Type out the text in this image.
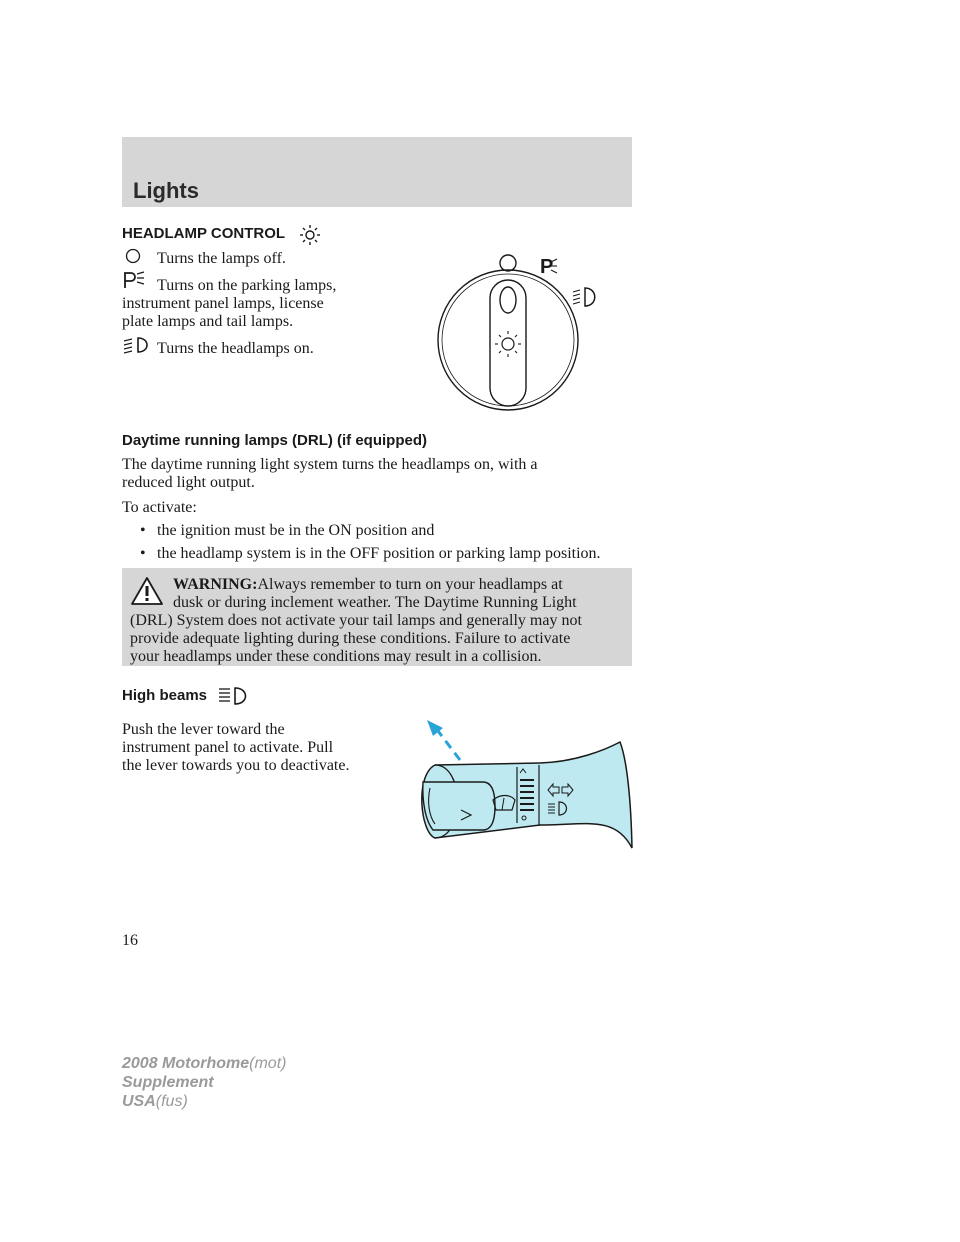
Lights
HEADLAMP CONTROL
Turns the lamps off.
Turns on the parking lamps,
instrument panel lamps, license
plate lamps and tail lamps.
Turns the headlamps on.
P
Daytime running lamps (DRL) (if equipped)
The daytime running light system turns the headlamps on, with a
reduced light output.
To activate:
• the ignition must be in the ON position and
• the headlamp system is in the OFF position or parking lamp position.
WARNING:Always remember to turn on your headlamps at
dusk or during inclement weather. The Daytime Running Light
(DRL) System does not activate your tail lamps and generally may not
provide adequate lighting during these conditions. Failure to activate
your headlamps under these conditions may result in a collision.
High beams
Push the lever toward the
instrument panel to activate. Pull
the lever towards you to deactivate.
16
2008 Motorhome(mot)
Supplement
USA(fus)
